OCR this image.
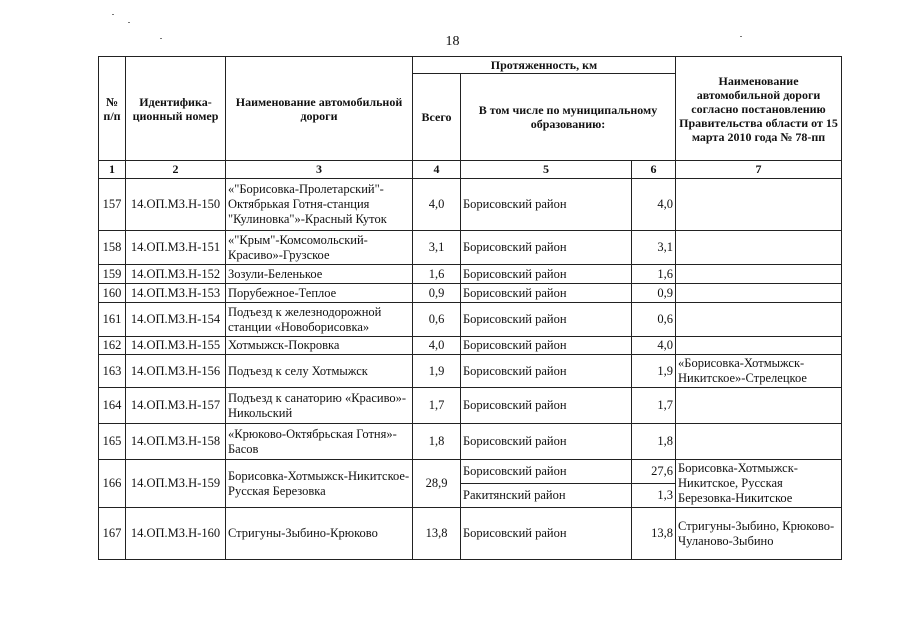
18
№ п/п	Идентифика-ционный номер	Наименование автомобильной дороги	Протяженность, км			Наименование автомобильной дороги согласно постановлению Правительства области от 15 марта 2010 года № 78-пп
			Всего	В том числе по муниципальному образованию:		
1	2	3	4	5	6	7
157	14.ОП.МЗ.Н-150	«"Борисовка-Пролетарский"-Октябрькая Готня-станция "Кулиновка"»-Красный Куток	4,0	Борисовский район	4,0	
158	14.ОП.МЗ.Н-151	«"Крым"-Комсомольский-Красиво»-Грузское	3,1	Борисовский район	3,1	
159	14.ОП.МЗ.Н-152	Зозули-Беленькое	1,6	Борисовский район	1,6	
160	14.ОП.МЗ.Н-153	Порубежное-Теплое	0,9	Борисовский район	0,9	
161	14.ОП.МЗ.Н-154	Подъезд к железнодорожной станции «Новоборисовка»	0,6	Борисовский район	0,6	
162	14.ОП.МЗ.Н-155	Хотмыжск-Покровка	4,0	Борисовский район	4,0	
163	14.ОП.МЗ.Н-156	Подъезд к селу Хотмыжск	1,9	Борисовский район	1,9	«Борисовка-Хотмыжск-Никитское»-Стрелецкое
164	14.ОП.МЗ.Н-157	Подъезд к санаторию «Красиво»-Никольский	1,7	Борисовский район	1,7	
165	14.ОП.МЗ.Н-158	«Крюково-Октябрьская Готня»-Басов	1,8	Борисовский район	1,8	
166	14.ОП.МЗ.Н-159	Борисовка-Хотмыжск-Никитское-Русская Березовка	28,9	Борисовский район	27,6	Борисовка-Хотмыжск-Никитское, Русская Березовка-Никитское
				Ракитянский район	1,3	
167	14.ОП.МЗ.Н-160	Стригуны-Зыбино-Крюково	13,8	Борисовский район	13,8	Стригуны-Зыбино, Крюково-Чуланово-Зыбино
